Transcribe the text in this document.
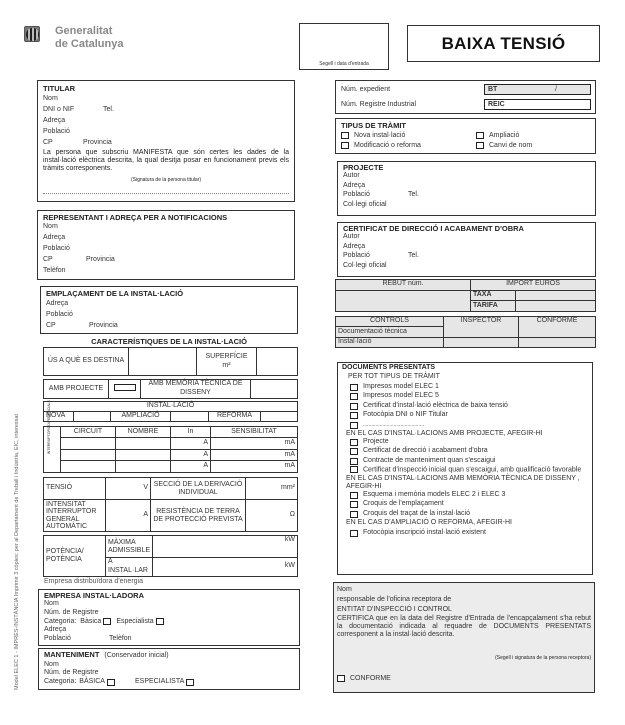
Generalitat
de Catalunya
Segell i data d'entrada
BAIXA TENSIÓ
Model ELEC 1 - IMPRÈS-INSTÀNCIA Imprimir 3 còpies: per al Departament de Treball i Indústria, EIC, interessat
TITULAR
Nom
DNI o NIF	Tel.
Adreça
Població
CP	Provincia
La persona que subscriu MANIFESTA que són certes les dades de la instal·lació elèctrica descrita, la qual desitja posar en funcionament previs els tràmits corresponents.
(Signatura de la persona titular)
REPRESENTANT I ADREÇA PER A NOTIFICACIONS
Nom
Adreça
Població
CP	Provincia
Telèfon
EMPLAÇAMENT DE LA INSTAL·LACIÓ
Adreça
Població
CP	Provincia
CARACTERÍSTIQUES DE LA INSTAL·LACIÓ
ÚS A QUÈ ES DESTINA		SUPERFÍCIE
m²	
AMB PROJECTE		AMB MEMÒRIA TÈCNICA DE DISSENY	
INSTAL·LACIÓ
NOVA		AMPLIACIÓ		REFORMA	
INTERRUPTORS DIFERENCIALS	CIRCUIT	NOMBRE	In	SENSIBILITAT
			A	mA
			A	mA
			A	mA
TENSIÓ	V	SECCIÓ DE LA DERIVACIÓ INDIVIDUAL	mm²
INTENSITAT INTERRUPTOR GENERAL AUTOMÀTIC	A	RESISTÈNCIA DE TERRA DE PROTECCIÓ PREVISTA	Ω
POTÈNCIA/ POTÈNCIA	MÀXIMA ADMISSIBLE	kW
	A INSTAL·LAR	kW
Empresa distribuïdora d'energia
EMPRESA INSTAL·LADORA
Nom
Núm. de Registre
Categoria: Bàsica Especialista
Adreça
Població	Telèfon
MANTENIMENT (Conservador inicial)
Nom
Núm. de Registre
Categoria: BÀSICA	ESPECIALISTA
Núm. expedient	BT	/
Núm. Registre Industrial	REIC
TIPUS DE TRÀMIT
Nova instal·lació	Ampliació
Modificació o reforma	Canvi de nom
PROJECTE
Autor
Adreça
Població	Tel.
Col·legi oficial
CERTIFICAT DE DIRECCIÓ I ACABAMENT D'OBRA
Autor
Adreça
Població	Tel.
Col·legi oficial
REBUT núm.	IMPORT EUROS	
	TAXA	
	TARIFA	
CONTROLS	INSPECTOR	CONFORME
Documentació tècnica		
Instal·lació		
DOCUMENTS PRESENTATS
PER TOT TIPUS DE TRÀMIT
Impresos model ELEC 1
Impresos model ELEC 5
Certificat d'instal·lació elèctrica de baixa tensió
Fotocòpia DNI o NIF Titular
............................................
EN EL CAS D'INSTAL·LACIONS AMB PROJECTE, AFEGIR-HI
Projecte
Certificat de direcció i acabament d'obra
Contracte de manteniment quan s'escaigui
Certificat d'inspecció inicial quan s'escaigui, amb qualificació favorable
EN EL CAS D'INSTAL·LACIONS AMB MEMÒRIA TÈCNICA DE DISSENY , AFEGIR-HI
Esquema i memòria models ELEC 2 i ELEC 3
Croquis de l'emplaçament
Croquis del traçat de la instal·lació
EN EL CAS D'AMPLIACIÓ O REFORMA, AFEGIR-HI
Fotocòpia inscripció instal·lació existent
Nom
responsable de l'oficina receptora de
ENTITAT D'INSPECCIÓ I CONTROL
CERTIFICA que en la data del Registre d'Entrada de l'encapçalament s'ha rebut la documentació indicada al requadre de DOCUMENTS PRESENTATS corresponent a la instal·lació descrita.
(Segell i signatura de la persona receptora)
CONFORME
